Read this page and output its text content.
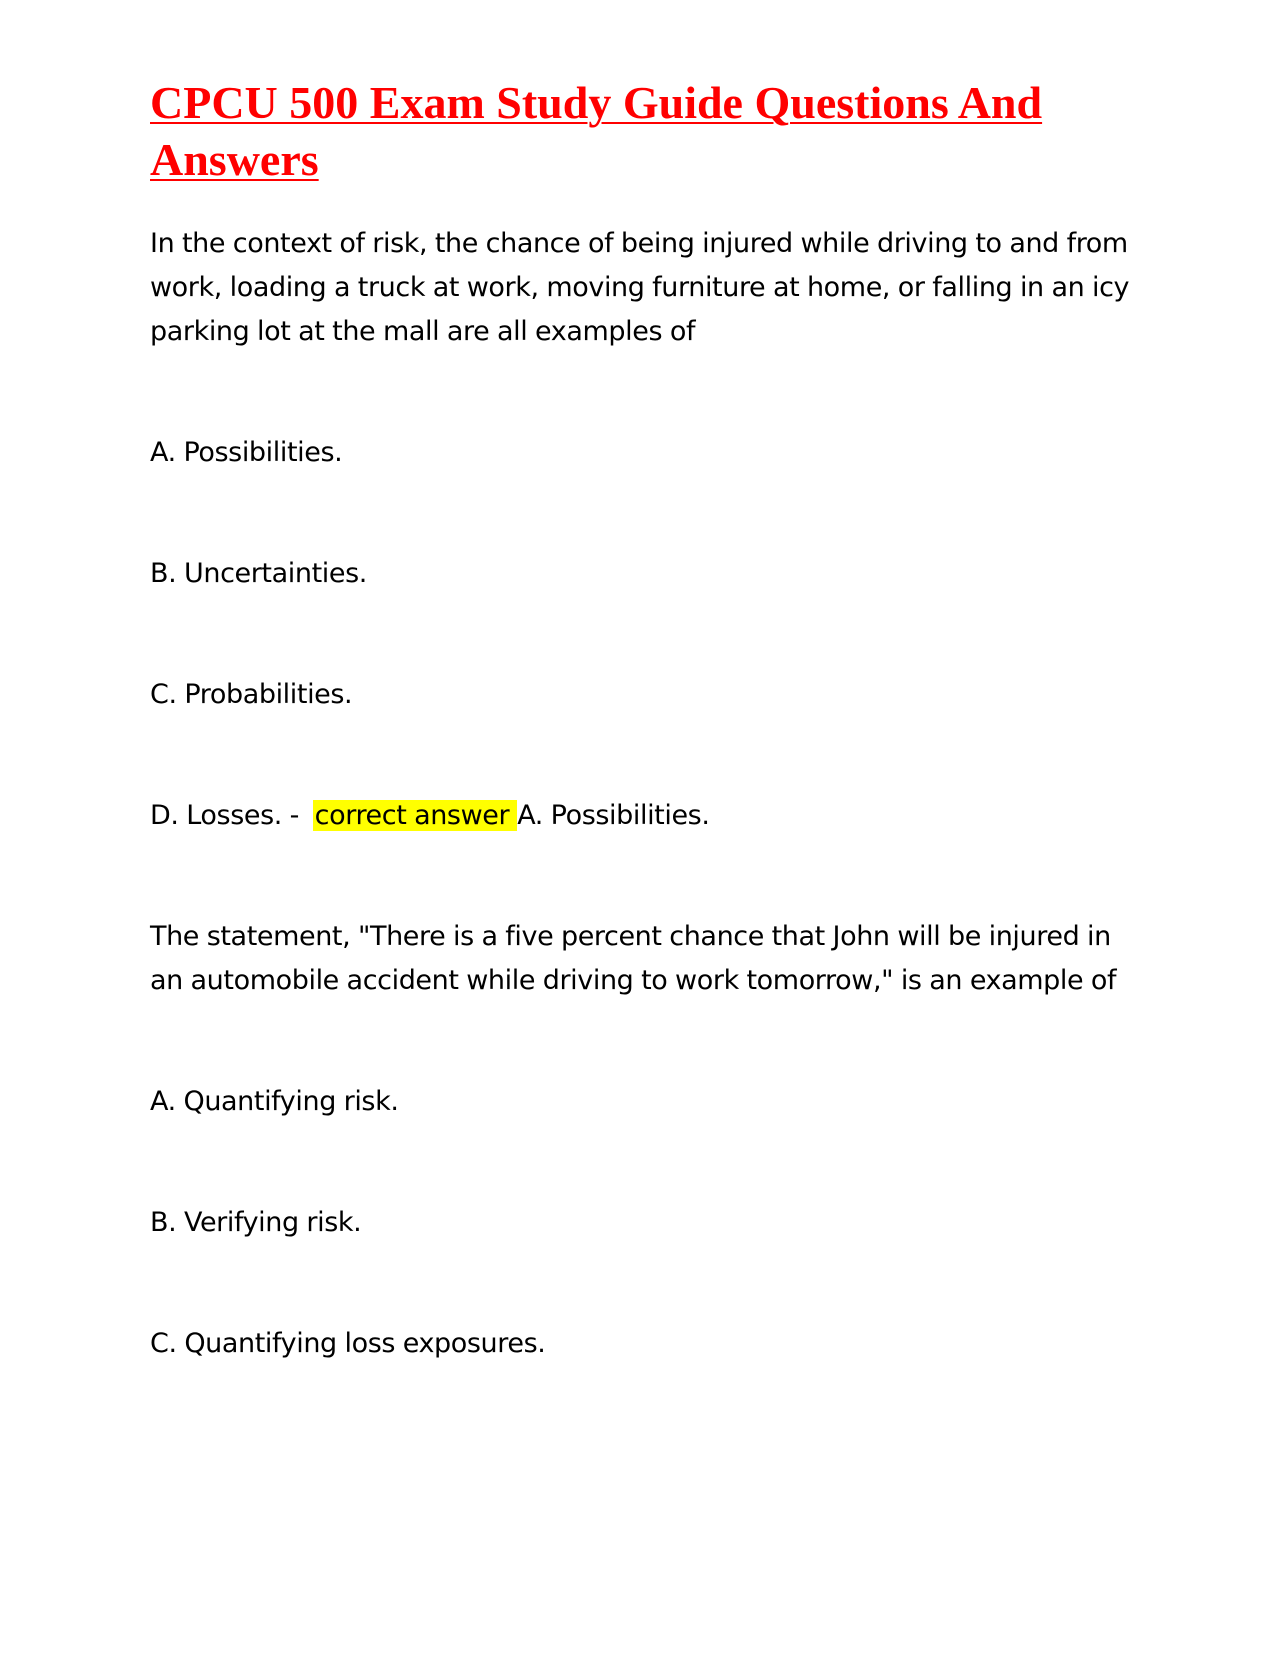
CPCU 500 Exam Study Guide Questions And Answers

In the context of risk, the chance of being injured while driving to and from work, loading a truck at work, moving furniture at home, or falling in an icy parking lot at the mall are all examples of

A. Possibilities.

B. Uncertainties.

C. Probabilities.

D. Losses. - correct answer A. Possibilities.

The statement, "There is a five percent chance that John will be injured in an automobile accident while driving to work tomorrow," is an example of

A. Quantifying risk.

B. Verifying risk.

C. Quantifying loss exposures.
